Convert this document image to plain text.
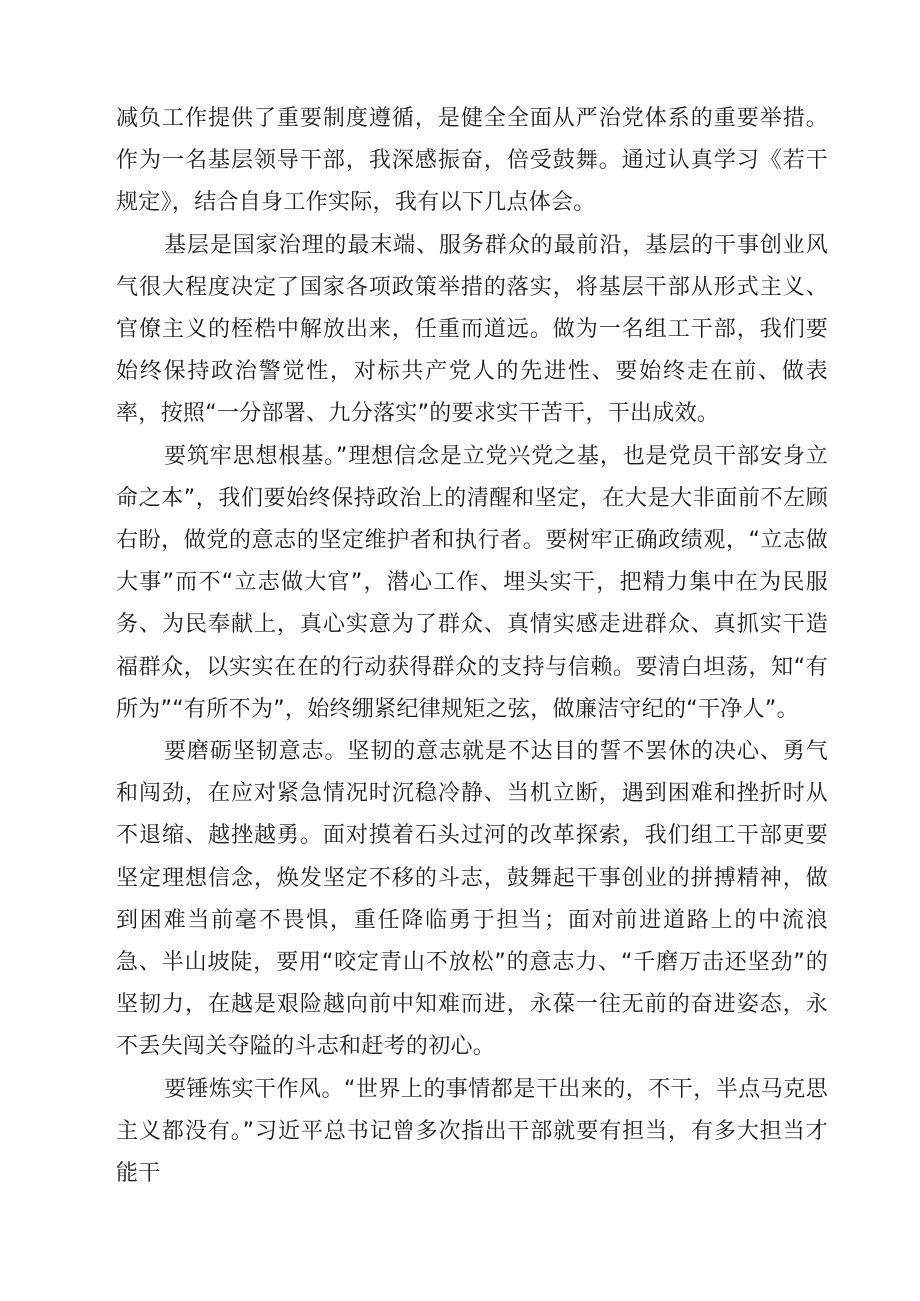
减负工作提供了重要制度遵循，是健全全面从严治党体系的重要举措。作为一名基层领导干部，我深感振奋，倍受鼓舞。通过认真学习《若干规定》，结合自身工作实际，我有以下几点体会。

基层是国家治理的最末端、服务群众的最前沿，基层的干事创业风气很大程度决定了国家各项政策举措的落实，将基层干部从形式主义、官僚主义的桎梏中解放出来，任重而道远。做为一名组工干部，我们要始终保持政治警觉性，对标共产党人的先进性、要始终走在前、做表率，按照“一分部署、九分落实”的要求实干苦干，干出成效。

要筑牢思想根基。”理想信念是立党兴党之基，也是党员干部安身立命之本”，我们要始终保持政治上的清醒和坚定，在大是大非面前不左顾右盼，做党的意志的坚定维护者和执行者。要树牢正确政绩观，“立志做大事”而不“立志做大官”，潜心工作、埋头实干，把精力集中在为民服务、为民奉献上，真心实意为了群众、真情实感走进群众、真抓实干造福群众，以实实在在的行动获得群众的支持与信赖。要清白坦荡，知“有所为”“有所不为”，始终绷紧纪律规矩之弦，做廉洁守纪的“干净人”。

要磨砺坚韧意志。坚韧的意志就是不达目的誓不罢休的决心、勇气和闯劲，在应对紧急情况时沉稳冷静、当机立断，遇到困难和挫折时从不退缩、越挫越勇。面对摸着石头过河的改革探索，我们组工干部更要坚定理想信念，焕发坚定不移的斗志，鼓舞起干事创业的拼搏精神，做到困难当前毫不畏惧，重任降临勇于担当；面对前进道路上的中流浪急、半山坡陡，要用“咬定青山不放松”的意志力、“千磨万击还坚劲”的坚韧力，在越是艰险越向前中知难而进，永葆一往无前的奋进姿态，永不丢失闯关夺隘的斗志和赶考的初心。

要锤炼实干作风。“世界上的事情都是干出来的，不干，半点马克思主义都没有。”习近平总书记曾多次指出干部就要有担当，有多大担当才能干
